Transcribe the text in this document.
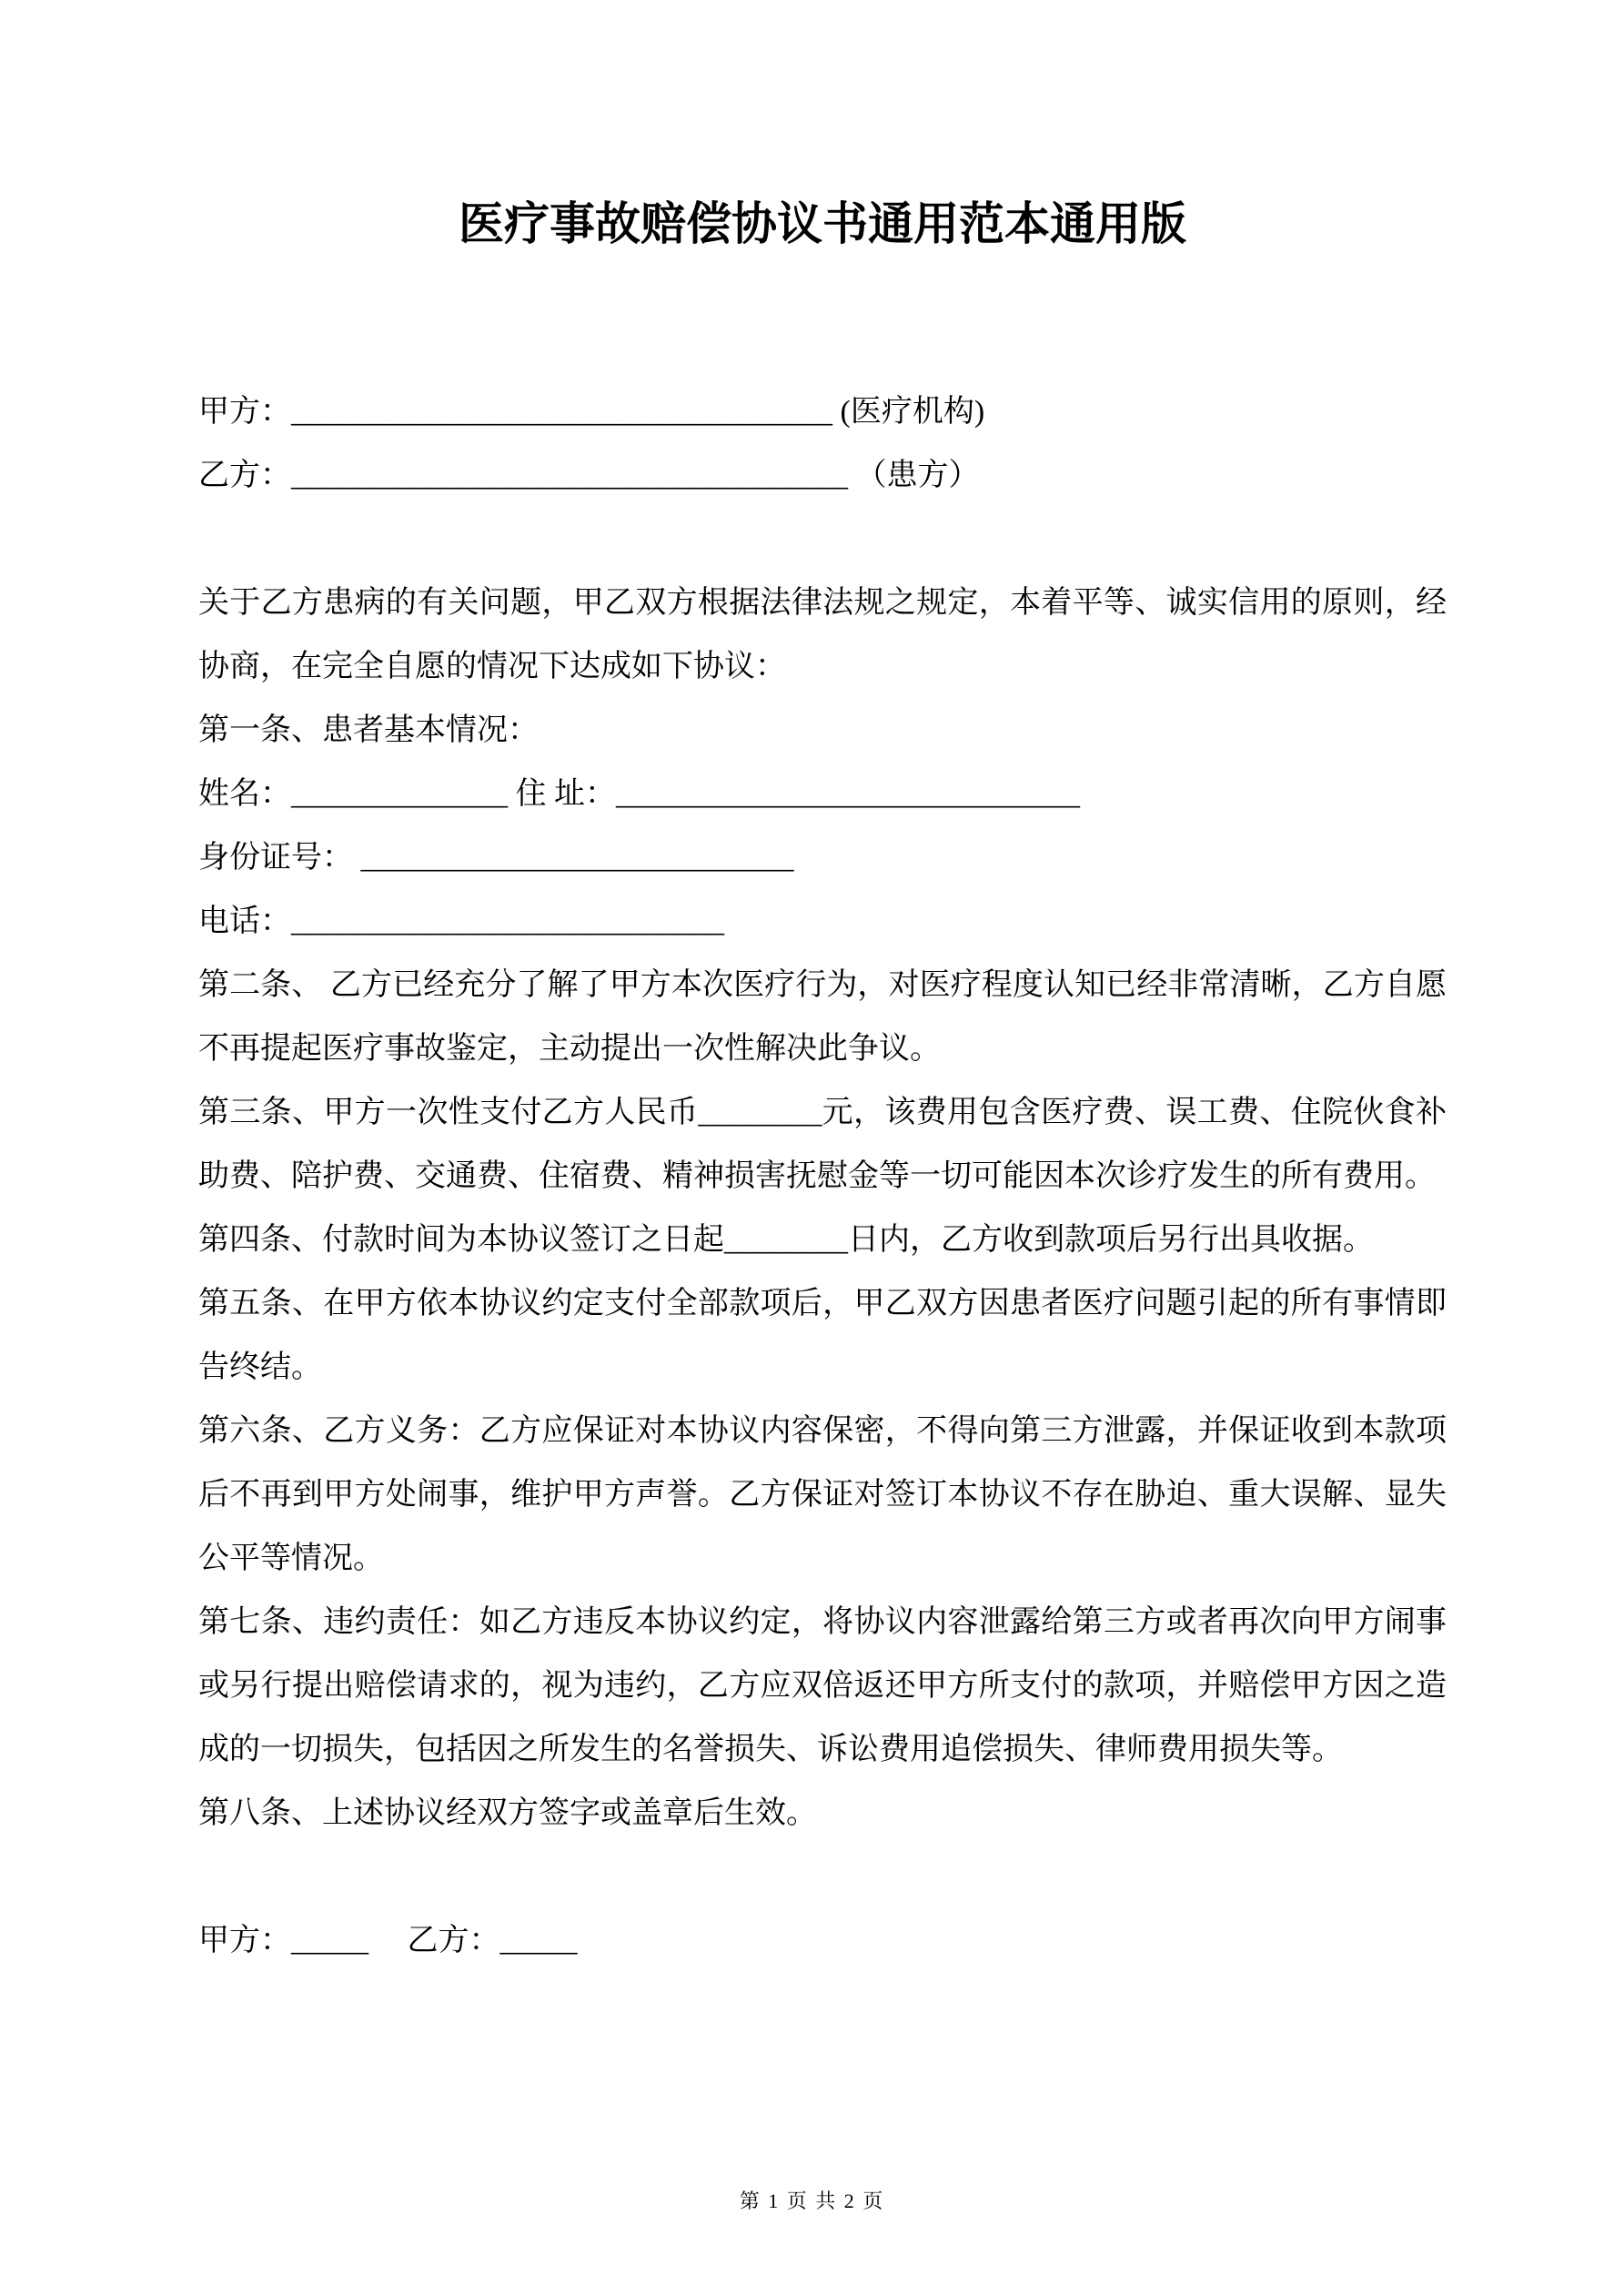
医疗事故赔偿协议书通用范本通用版

甲方：___________________________________ (医疗机构)

乙方：____________________________________ （患方）

关于乙方患病的有关问题，甲乙双方根据法律法规之规定，本着平等、诚实信用的原则，经协商，在完全自愿的情况下达成如下协议：

第一条、患者基本情况：

姓名：______________ 住 址：______________________________

身份证号： ____________________________

电话：____________________________

第二条、 乙方已经充分了解了甲方本次医疗行为，对医疗程度认知已经非常清晰，乙方自愿不再提起医疗事故鉴定，主动提出一次性解决此争议。

第三条、甲方一次性支付乙方人民币________元，该费用包含医疗费、误工费、住院伙食补助费、陪护费、交通费、住宿费、精神损害抚慰金等一切可能因本次诊疗发生的所有费用。

第四条、付款时间为本协议签订之日起________日内，乙方收到款项后另行出具收据。

第五条、在甲方依本协议约定支付全部款项后，甲乙双方因患者医疗问题引起的所有事情即告终结。

第六条、乙方义务：乙方应保证对本协议内容保密，不得向第三方泄露，并保证收到本款项后不再到甲方处闹事，维护甲方声誉。乙方保证对签订本协议不存在胁迫、重大误解、显失公平等情况。

第七条、违约责任：如乙方违反本协议约定，将协议内容泄露给第三方或者再次向甲方闹事或另行提出赔偿请求的，视为违约，乙方应双倍返还甲方所支付的款项，并赔偿甲方因之造成的一切损失，包括因之所发生的名誉损失、诉讼费用追偿损失、律师费用损失等。

第八条、上述协议经双方签字或盖章后生效。

甲方：_____　 乙方：_____

第 1 页 共 2 页
